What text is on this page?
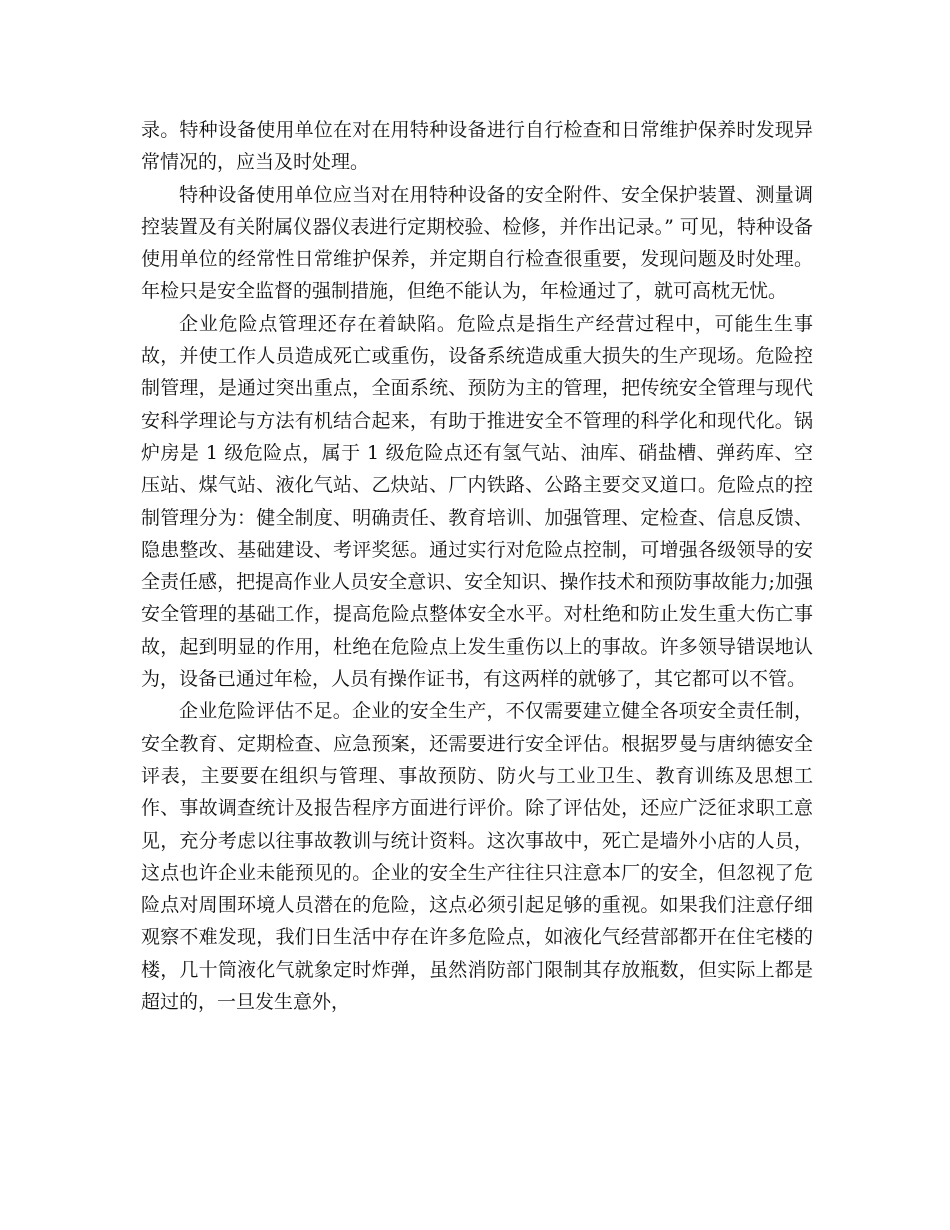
录。特种设备使用单位在对在用特种设备进行自行检查和日常维护保养时发现异常情况的，应当及时处理。

特种设备使用单位应当对在用特种设备的安全附件、安全保护装置、测量调控装置及有关附属仪器仪表进行定期校验、检修，并作出记录。” 可见，特种设备使用单位的经常性日常维护保养，并定期自行检查很重要，发现问题及时处理。年检只是安全监督的强制措施，但绝不能认为，年检通过了，就可高枕无忧。

企业危险点管理还存在着缺陷。危险点是指生产经营过程中，可能生生事故，并使工作人员造成死亡或重伤，设备系统造成重大损失的生产现场。危险控制管理，是通过突出重点，全面系统、预防为主的管理，把传统安全管理与现代安科学理论与方法有机结合起来，有助于推进安全不管理的科学化和现代化。锅炉房是 1 级危险点，属于 1 级危险点还有氢气站、油库、硝盐槽、弹药库、空压站、煤气站、液化气站、乙炔站、厂内铁路、公路主要交叉道口。危险点的控制管理分为：健全制度、明确责任、教育培训、加强管理、定检查、信息反馈、隐患整改、基础建设、考评奖惩。通过实行对危险点控制，可增强各级领导的安全责任感，把提高作业人员安全意识、安全知识、操作技术和预防事故能力;加强安全管理的基础工作，提高危险点整体安全水平。对杜绝和防止发生重大伤亡事故，起到明显的作用，杜绝在危险点上发生重伤以上的事故。许多领导错误地认为，设备已通过年检，人员有操作证书，有这两样的就够了，其它都可以不管。

企业危险评估不足。企业的安全生产，不仅需要建立健全各项安全责任制，安全教育、定期检查、应急预案，还需要进行安全评估。根据罗曼与唐纳德安全评表，主要要在组织与管理、事故预防、防火与工业卫生、教育训练及思想工作、事故调查统计及报告程序方面进行评价。除了评估处，还应广泛征求职工意见，充分考虑以往事故教训与统计资料。这次事故中，死亡是墙外小店的人员，这点也许企业未能预见的。企业的安全生产往往只注意本厂的安全，但忽视了危险点对周围环境人员潜在的危险，这点必须引起足够的重视。如果我们注意仔细观察不难发现，我们日生活中存在许多危险点，如液化气经营部都开在住宅楼的楼，几十筒液化气就象定时炸弹，虽然消防部门限制其存放瓶数，但实际上都是超过的，一旦发生意外，
